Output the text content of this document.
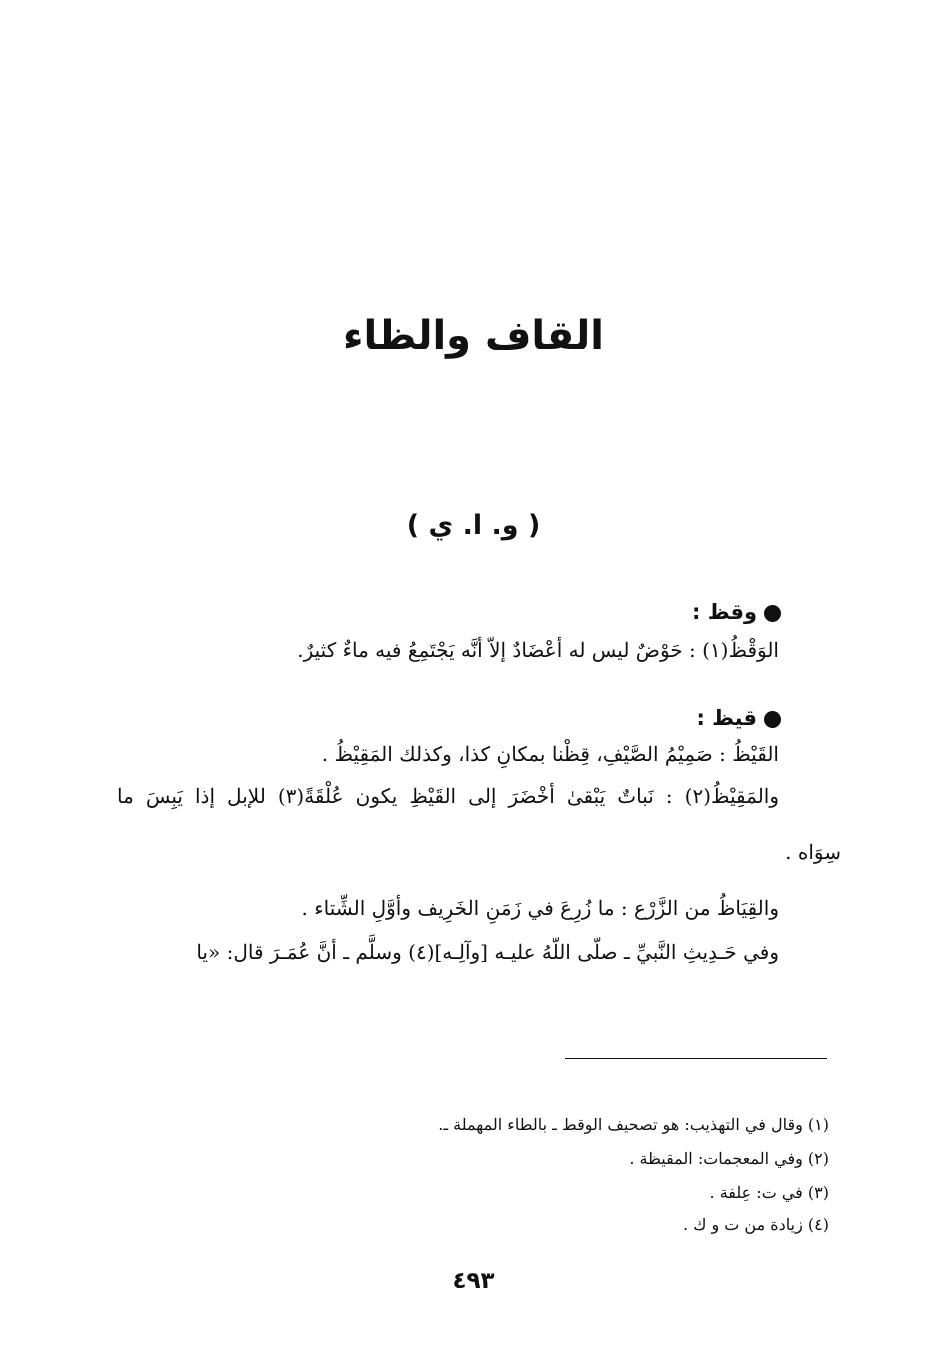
القاف والظاء
( و. ا. ي )
وقظ :
الوَقْظُ(١) : حَوْضٌ ليس له أعْضَادٌ إلاّ أنَّه يَجْتَمِعُ فيه ماءٌ كثيرٌ.
قيظ :
القَيْظُ : صَمِيْمُ الصَّيْفِ، قِظْنا بمكانِ كذا، وكذلك المَقِيْظُ .
والمَقِيْظُ(٢) : نَباتٌ يَبْقىٰ أخْضَرَ إلى القَيْظِ يكون عُلْقَةً(٣) للإبل إذا يَبِسَ ما
سِوَاه .
والقِيَاظُ من الزَّرْع : ما زُرِعَ في زَمَنِ الخَرِيف وأوَّلِ الشِّتاء .
وفي حَـدِيثِ النَّبيِّ ـ صلّى اللّهُ عليـه [وآلِـه](٤) وسلَّم ـ أنَّ عُمَـرَ قال: «يا
(١) وقال في التهذيب: هو تصحيف الوقط ـ بالطاء المهملة ـ.
(٢) وفي المعجمات: المقيظة .
(٣) في ت: عِلفة .
(٤) زيادة من ت و ك .
٤٩٣
